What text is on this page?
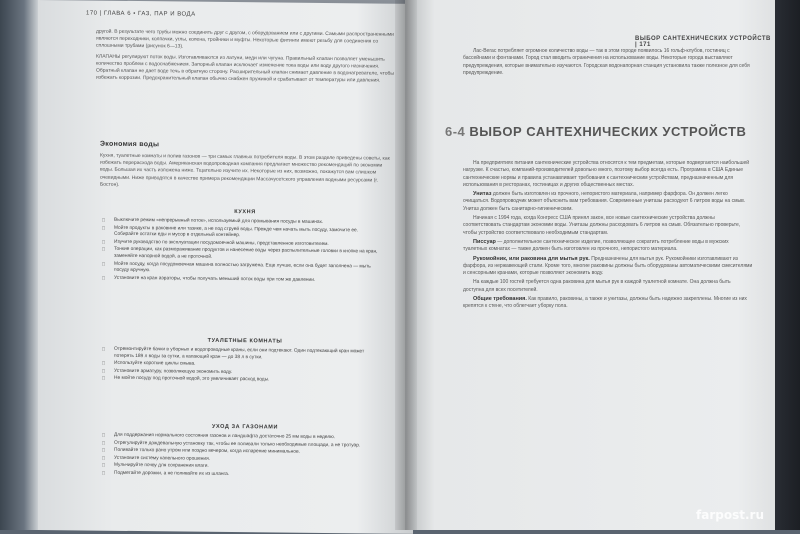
170 | ГЛАВА 6 • ГАЗ, ПАР И ВОДА

другой. В результате чего трубы можно соединять друг с другом, с оборудованием или с другими. Самыми распространенными являются переходники, колпачки, углы, колена, тройники и муфты. Некоторые фитинги имеют резьбу для соединения со сплошными трубами (рисунок 6—13).

КЛАПАНЫ регулируют поток воды. Изготавливаются из латуни, меди или чугуна. Правильный клапан позволяет уменьшить количество проблем с водоснабжением. Запорный клапан исключает изменение тока воды или воду другого назначения. Обратный клапан не дает воде течь в обратную сторону. Расширительный клапан снимает давление в водонагревателе, чтобы избежать коррозии. Предохранительный клапан обычно снабжен пружиной и срабатывает от температуры или давления.

Экономия воды

Кухня, туалетные комнаты и полив газонов — три самых главных потребителя воды. В этом разделе приведены советы, как избежать перерасхода воды. Американская водопроводная компания предлагает множество рекомендаций по экономии воды. Большая их часть изложена ниже. Тщательно изучите их. Некоторые из них, возможно, покажутся вам слишком очевидными. Ниже приводятся в качестве примера рекомендации Массачусетского управления водными ресурсами (г. Бостон).

КУХНЯ

□ Выключите режим «непрерывный поток», используемый для промывания посуды в машинах.

□ Мойте продукты в раковине или тазике, а не под струей воды. Прежде чем начать мыть посуду, замочите ее. Собирайте остатки еды и мусор в отдельный контейнер.

□ Изучите руководство по эксплуатации посудомоечной машины, представленное изготовителем.

□ Тонкие операции, как размораживание продуктов и нанесение воды через распылительные головки в кнопке на кран, заменяйте напорной водой, а не проточной.

□ Мойте посуду, когда посудомоечная машина полностью загружена. Еще лучше, если она будет заполнена — мыть посуду вручную.

□ Установите на кран аэраторы, чтобы получать меньший поток воды при том же давлении.

ТУАЛЕТНЫЕ КОМНАТЫ

□ Отремонтируйте бачки в уборных и водопроводные краны, если они подтекают. Один подтекающий кран может потерять 189 л воды за сутки, а капающий кран — до 38 л в сутки.

□ Используйте короткие циклы смыва.

□ Установите арматуру, позволяющую экономить воду.

□ Не мойте посуду под проточной водой, это увеличивает расход воды.

УХОД ЗА ГАЗОНАМИ

□ Для поддержания нормального состояния газонов и ландшафта достаточно 25 мм воды в неделю.

□ Отрегулируйте дождевальную установку так, чтобы ее поливали только необходимые площади, а не тротуар.

□ Поливайте только рано утром или поздно вечером, когда испарение минимальное.

□ Установите систему капельного орошения.

□ Мульчируйте почву для сохранения влаги.

□ Подметайте дорожки, а не поливайте их из шланга.

ВЫБОР САНТЕХНИЧЕСКИХ УСТРОЙСТВ | 171

Лас-Вегас потребляет огромное количество воды — так в этом городе появилось 16 гольф-клубов, гостиниц с бассейнами и фонтанами. Город стал вводить ограничения на использование воды. Некоторые города выставляют предупреждения, которые внимательно изучаются. Городская водонапорная станция установила также полезное для себя предупреждение.

6-4 ВЫБОР САНТЕХНИЧЕСКИХ УСТРОЙСТВ

На предприятиях питания сантехнические устройства относятся к тем предметам, которые подвергаются наибольшей нагрузке. К счастью, компаний-производителей довольно много, поэтому выбор всегда есть. Программа в США Единые сантехнические нормы и правила устанавливает требования к сантехническим устройствам, предназначенным для использования в ресторанах, гостиницах и других общественных местах.

Унитаз должен быть изготовлен из прочного, непористого материала, например фарфора. Он должен легко очищаться. Водопроводчик может объяснить вам требования. Современные унитазы расходуют 6 литров воды на смыв. Унитаз должен быть санитарно-гигиеническим.

Начиная с 1994 года, когда Конгресс США принял закон, все новые сантехнические устройства должны соответствовать стандартам экономии воды. Унитазы должны расходовать 6 литров на смыв. Обязательно проверьте, чтобы устройство соответствовало необходимым стандартам.

Писсуар — дополнительное сантехническое изделие, позволяющее сократить потребление воды в мужских туалетных комнатах — также должен быть изготовлен из прочного, непористого материала.

Рукомойник, или раковина для мытья рук. Предназначены для мытья рук. Рукомойники изготавливают из фарфора, из нержавеющей стали. Кроме того, многие раковины должны быть оборудованы автоматическими смесителями и сенсорными кранами, которые позволяют экономить воду.

На каждые 100 гостей требуется одна раковина для мытья рук в каждой туалетной комнате. Она должна быть доступна для всех посетителей.

Общие требования. Как правило, раковины, а также и унитазы, должны быть надежно закреплены. Многие из них крепятся к стене, что облегчает уборку пола.

farpost.ru
